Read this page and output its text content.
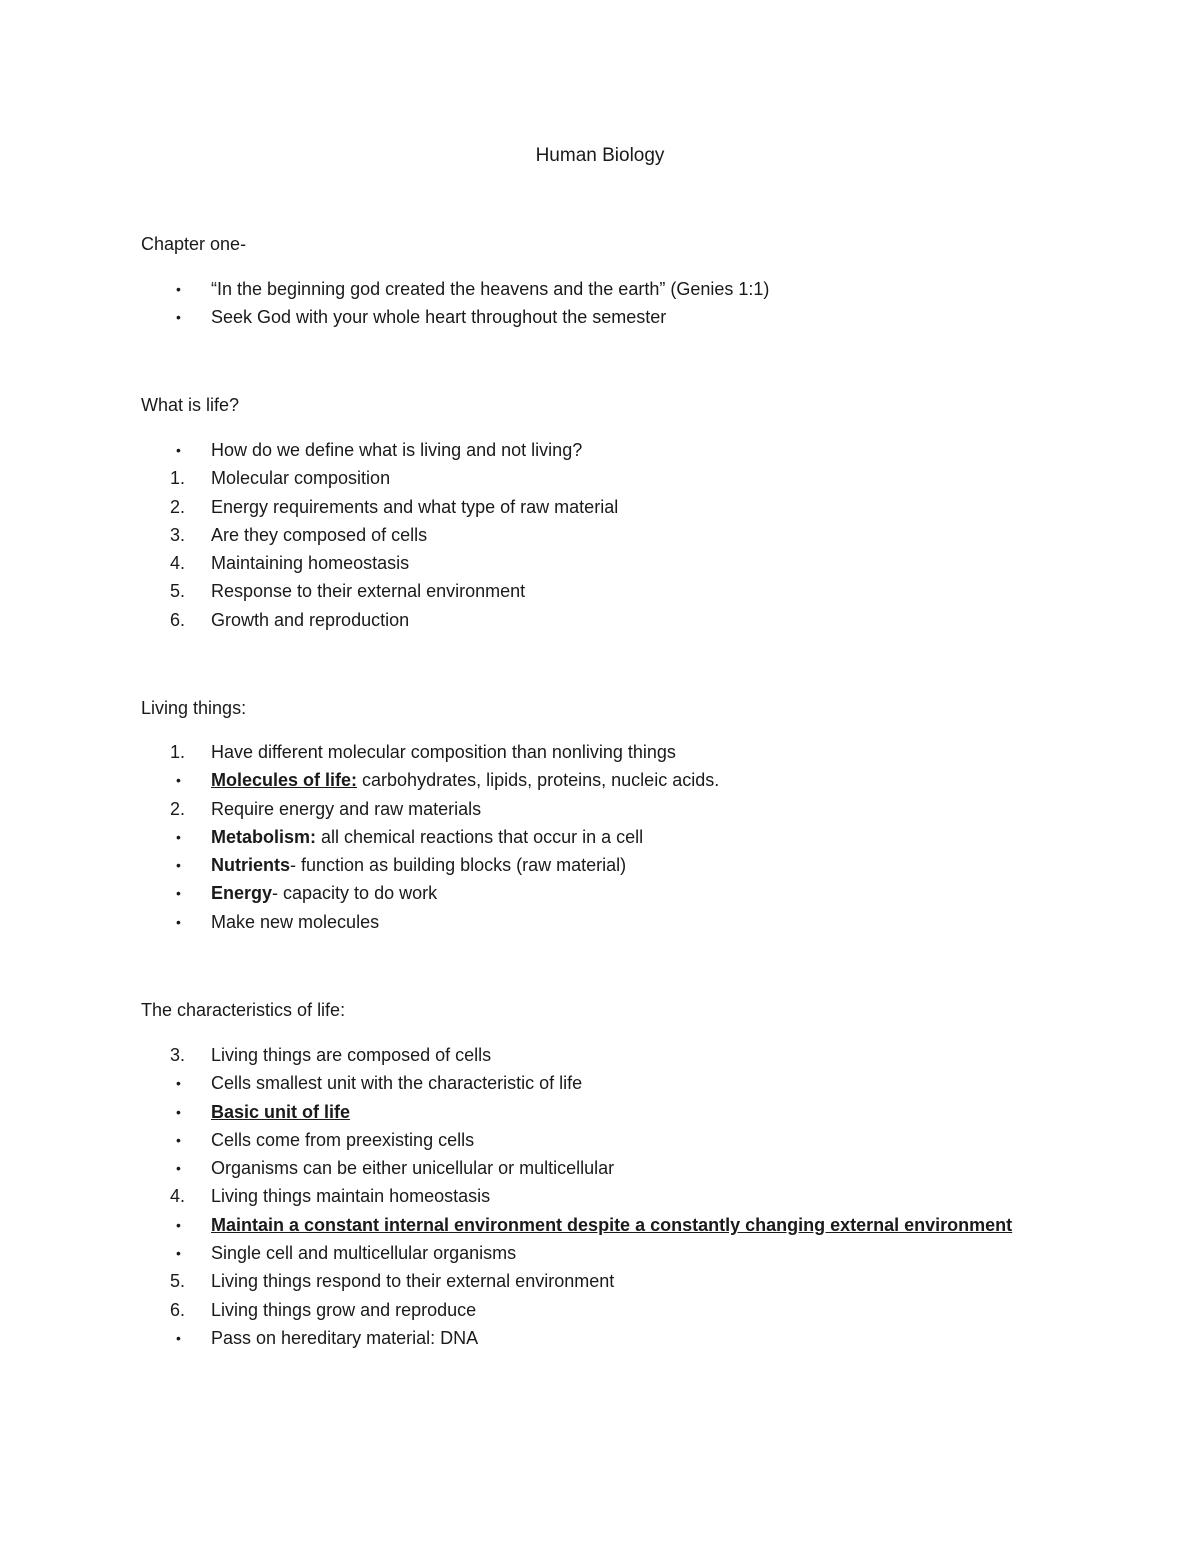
Human Biology
Chapter one-
•	“In the beginning god created the heavens and the earth” (Genies 1:1)
•	Seek God with your whole heart throughout the semester
What is life?
•	How do we define what is living and not living?
1.	Molecular composition
2.	Energy requirements and what type of raw material
3.	Are they composed of cells
4.	Maintaining homeostasis
5.	Response to their external environment
6.	Growth and reproduction
Living things:
1.	Have different molecular composition than nonliving things
•	Molecules of life: carbohydrates, lipids, proteins, nucleic acids.
2.	Require energy and raw materials
•	Metabolism: all chemical reactions that occur in a cell
•	Nutrients- function as building blocks (raw material)
•	Energy- capacity to do work
•	Make new molecules
The characteristics of life:
3.	Living things are composed of cells
•	Cells smallest unit with the characteristic of life
•	Basic unit of life
•	Cells come from preexisting cells
•	Organisms can be either unicellular or multicellular
4.	Living things maintain homeostasis
•	Maintain a constant internal environment despite a constantly changing external environment
•	Single cell and multicellular organisms
5.	Living things respond to their external environment
6.	Living things grow and reproduce
•	Pass on hereditary material: DNA
